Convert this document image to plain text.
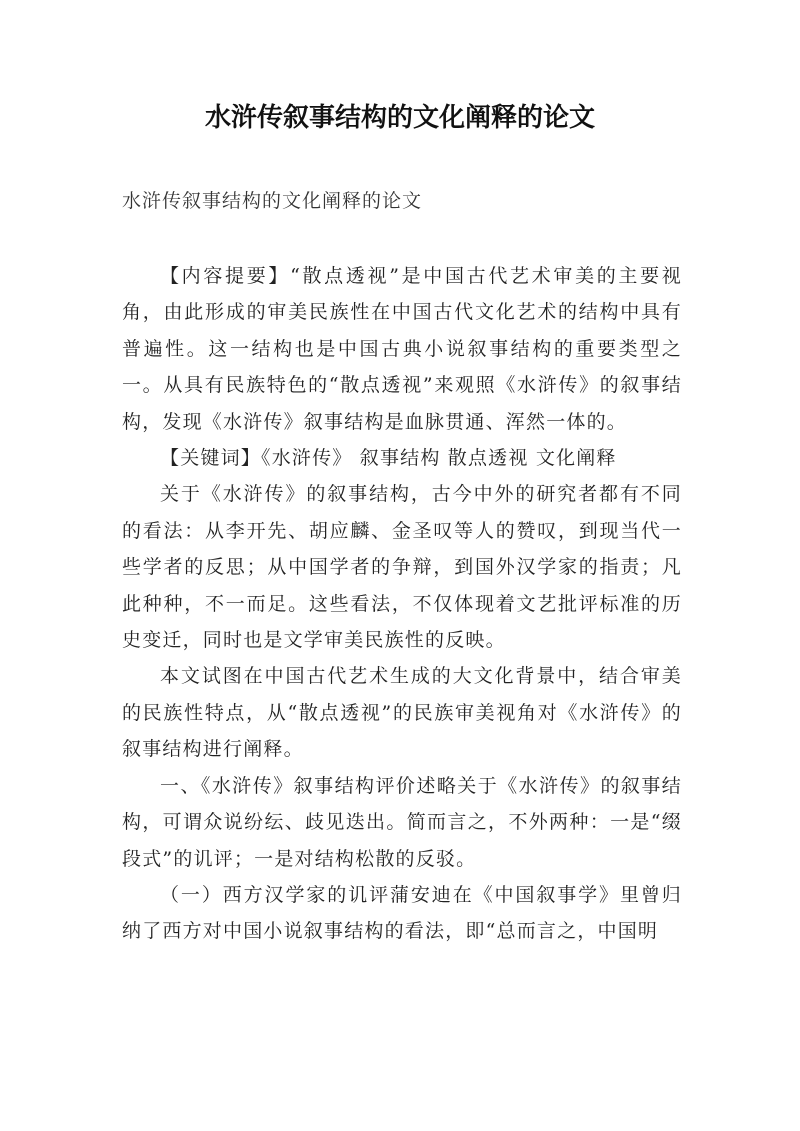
水浒传叙事结构的文化阐释的论文
水浒传叙事结构的文化阐释的论文

【内容提要】“散点透视”是中国古代艺术审美的主要视角，由此形成的审美民族性在中国古代文化艺术的结构中具有普遍性。这一结构也是中国古典小说叙事结构的重要类型之一。从具有民族特色的“散点透视”来观照《水浒传》的叙事结构，发现《水浒传》叙事结构是血脉贯通、浑然一体的。

【关键词】《水浒传》 叙事结构 散点透视 文化阐释

关于《水浒传》的叙事结构，古今中外的研究者都有不同的看法：从李开先、胡应麟、金圣叹等人的赞叹，到现当代一些学者的反思；从中国学者的争辩，到国外汉学家的指责；凡此种种，不一而足。这些看法，不仅体现着文艺批评标准的历史变迁，同时也是文学审美民族性的反映。

本文试图在中国古代艺术生成的大文化背景中，结合审美的民族性特点，从“散点透视”的民族审美视角对《水浒传》的叙事结构进行阐释。

一、《水浒传》叙事结构评价述略关于《水浒传》的叙事结构，可谓众说纷纭、歧见迭出。简而言之，不外两种：一是“缀段式”的讥评；一是对结构松散的反驳。

（一）西方汉学家的讥评蒲安迪在《中国叙事学》里曾归纳了西方对中国小说叙事结构的看法，即“总而言之，中国明
